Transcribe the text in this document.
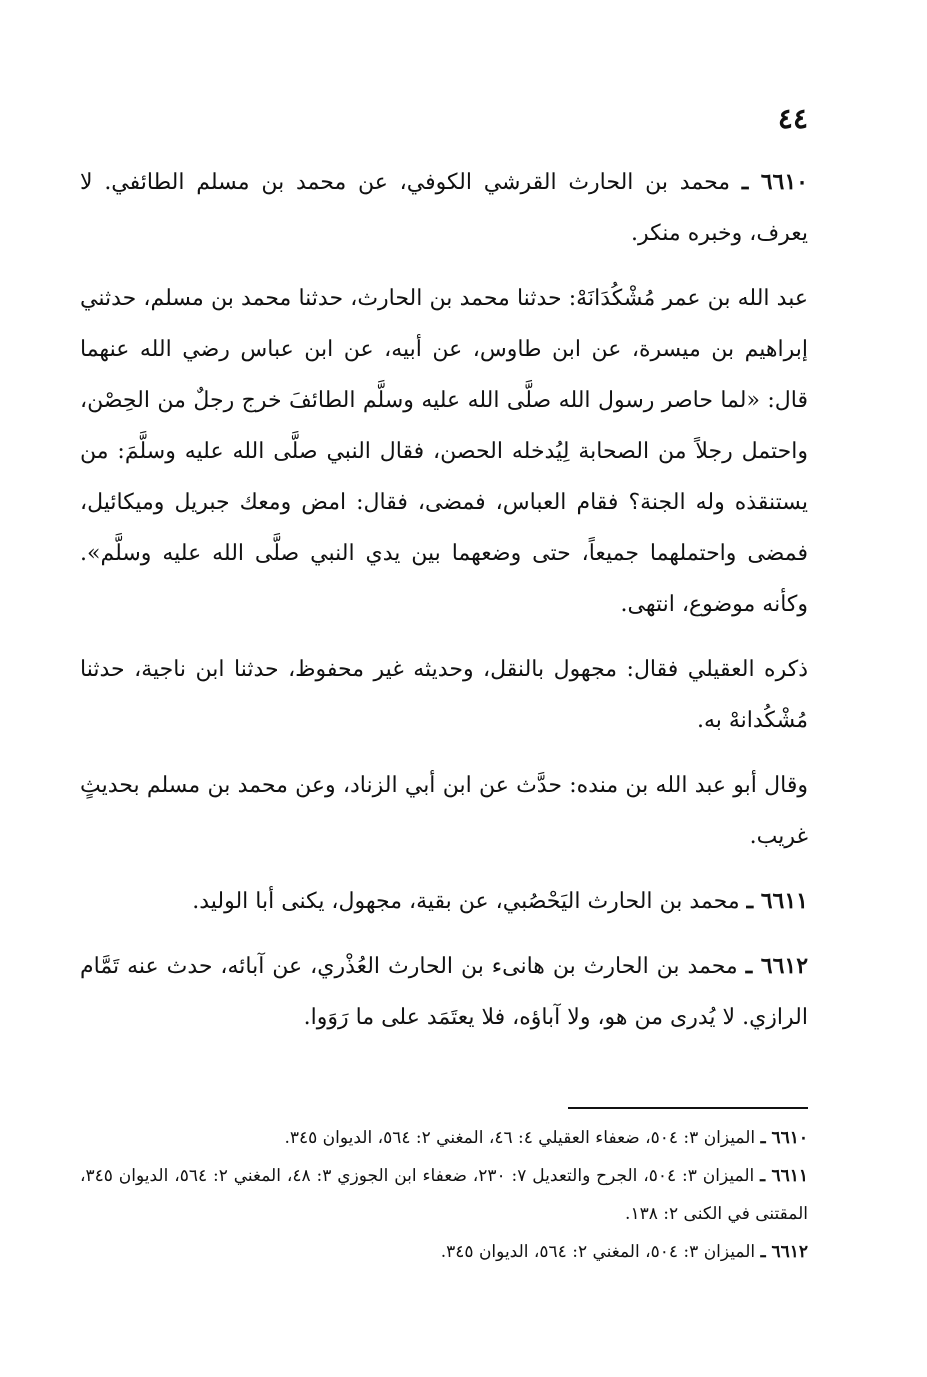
٤٤

٦٦١٠ ـ محمد بن الحارث القرشي الكوفي، عن محمد بن مسلم الطائفي. لا يعرف، وخبره منكر.

عبد الله بن عمر مُشْكُدَانَهْ: حدثنا محمد بن الحارث، حدثنا محمد بن مسلم، حدثني إبراهيم بن ميسرة، عن ابن طاوس، عن أبيه، عن ابن عباس رضي الله عنهما قال: «لما حاصر رسول الله صلَّى الله عليه وسلَّم الطائفَ خرج رجلٌ من الحِصْن، واحتمل رجلاً من الصحابة لِيُدخله الحصن، فقال النبي صلَّى الله عليه وسلَّمَ: من يستنقذه وله الجنة؟ فقام العباس، فمضى، فقال: امض ومعك جبريل وميكائيل، فمضى واحتملهما جميعاً، حتى وضعهما بين يدي النبي صلَّى الله عليه وسلَّم». وكأنه موضوع، انتهى.

ذكره العقيلي فقال: مجهول بالنقل، وحديثه غير محفوظ، حدثنا ابن ناجية، حدثنا مُشْكُدانهْ به.

وقال أبو عبد الله بن منده: حدَّث عن ابن أبي الزناد، وعن محمد بن مسلم بحديثٍ غريب.

٦٦١١ ـ محمد بن الحارث اليَحْصُبي، عن بقية، مجهول، يكنى أبا الوليد.

٦٦١٢ ـ محمد بن الحارث بن هانىء بن الحارث العُذْري، عن آبائه، حدث عنه تَمَّام الرازي. لا يُدرى من هو، ولا آباؤه، فلا يعتَمَد على ما رَوَوا.

٦٦١٠ ـ الميزان ٣: ٥٠٤، ضعفاء العقيلي ٤: ٤٦، المغني ٢: ٥٦٤، الديوان ٣٤٥.

٦٦١١ ـ الميزان ٣: ٥٠٤، الجرح والتعديل ٧: ٢٣٠، ضعفاء ابن الجوزي ٣: ٤٨، المغني ٢: ٥٦٤، الديوان ٣٤٥، المقتنى في الكنى ٢: ١٣٨.

٦٦١٢ ـ الميزان ٣: ٥٠٤، المغني ٢: ٥٦٤، الديوان ٣٤٥.
